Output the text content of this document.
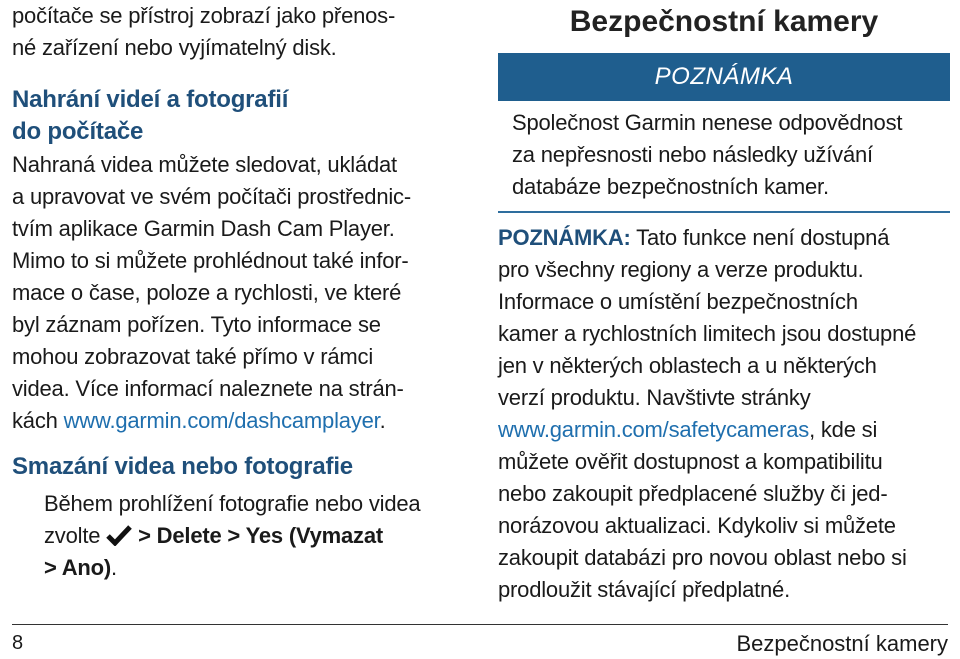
počítače se přístroj zobrazí jako přenos-

né zařízení nebo vyjímatelný disk.

Nahrání videí a fotografií

do počítače

Nahraná videa můžete sledovat, ukládat

a upravovat ve svém počítači prostřednic-

tvím aplikace Garmin Dash Cam Player.

Mimo to si můžete prohlédnout také infor-

mace o čase, poloze a rychlosti, ve které

byl záznam pořízen. Tyto informace se

mohou zobrazovat také přímo v rámci

videa. Více informací naleznete na strán-

kách www.garmin.com/dashcamplayer.

Smazání videa nebo fotografie

Během prohlížení fotografie nebo videa

zvolte > Delete > Yes (Vymazat

> Ano).

Bezpečnostní kamery
POZNÁMKA

Společnost Garmin nenese odpovědnost

za nepřesnosti nebo následky užívání

databáze bezpečnostních kamer.

POZNÁMKA: Tato funkce není dostupná

pro všechny regiony a verze produktu.

Informace o umístění bezpečnostních

kamer a rychlostních limitech jsou dostupné

jen v některých oblastech a u některých

verzí produktu. Navštivte stránky

www.garmin.com/safetycameras, kde si

můžete ověřit dostupnost a kompatibilitu

nebo zakoupit předplacené služby či jed-

norázovou aktualizaci. Kdykoliv si můžete

zakoupit databázi pro novou oblast nebo si

prodloužit stávající předplatné.

8	Bezpečnostní kamery
